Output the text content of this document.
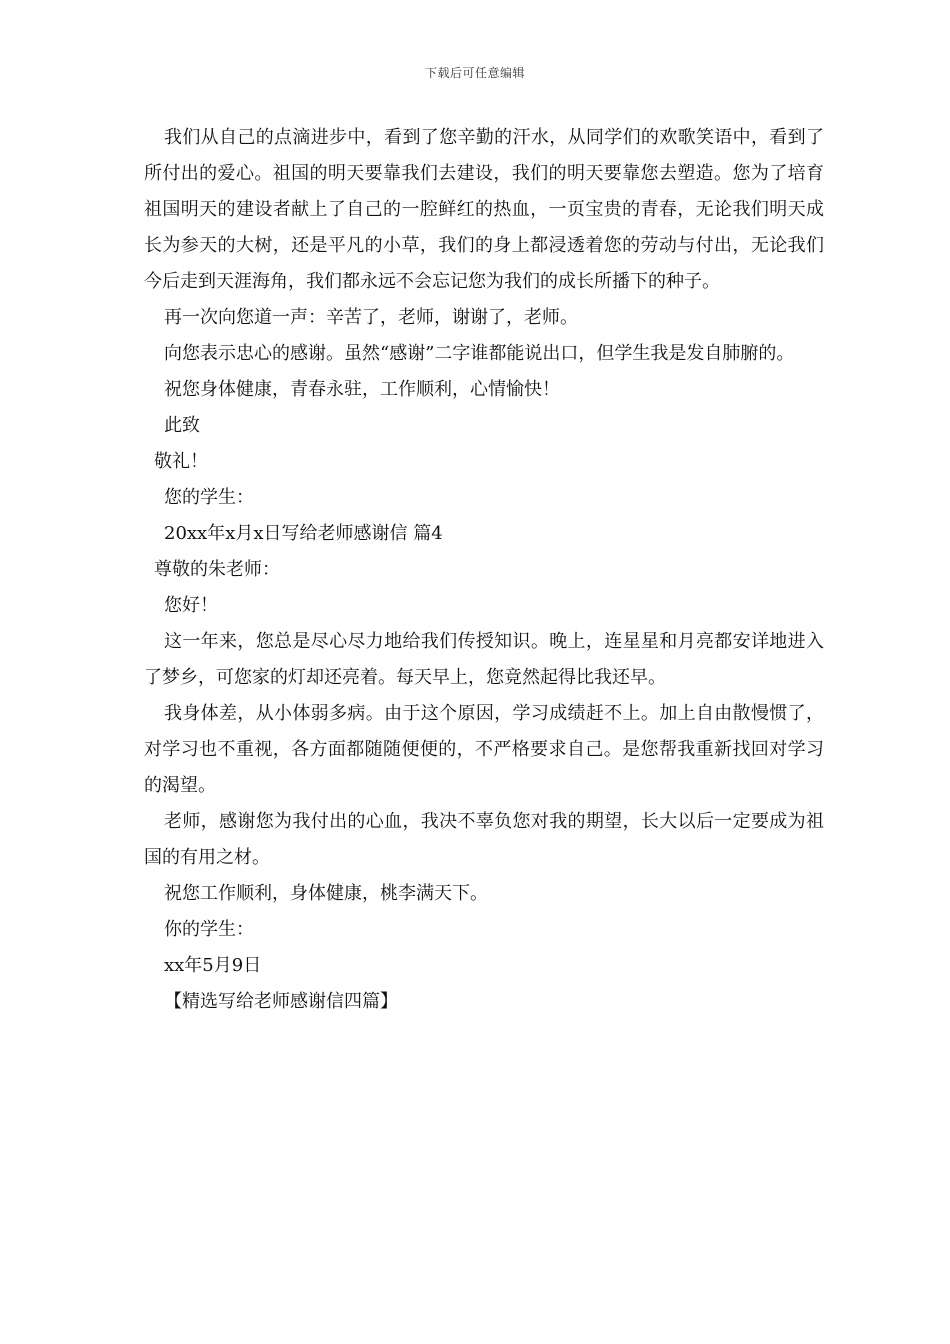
下载后可任意编辑

我们从自己的点滴进步中，看到了您辛勤的汗水，从同学们的欢歌笑语中，看到了所付出的爱心。祖国的明天要靠我们去建设，我们的明天要靠您去塑造。您为了培育祖国明天的建设者献上了自己的一腔鲜红的热血，一页宝贵的青春，无论我们明天成长为参天的大树，还是平凡的小草，我们的身上都浸透着您的劳动与付出，无论我们今后走到天涯海角，我们都永远不会忘记您为我们的成长所播下的种子。

再一次向您道一声：辛苦了，老师，谢谢了，老师。

向您表示忠心的感谢。虽然“感谢”二字谁都能说出口，但学生我是发自肺腑的。

祝您身体健康，青春永驻，工作顺利，心情愉快！

此致

敬礼！

您的学生：

20xx年x月x日写给老师感谢信 篇4

尊敬的朱老师：

您好！

这一年来，您总是尽心尽力地给我们传授知识。晚上，连星星和月亮都安详地进入了梦乡，可您家的灯却还亮着。每天早上，您竟然起得比我还早。

我身体差，从小体弱多病。由于这个原因，学习成绩赶不上。加上自由散慢惯了，对学习也不重视，各方面都随随便便的，不严格要求自己。是您帮我重新找回对学习的渴望。

老师，感谢您为我付出的心血，我决不辜负您对我的期望，长大以后一定要成为祖国的有用之材。

祝您工作顺利，身体健康，桃李满天下。

你的学生：

xx年5月9日

【精选写给老师感谢信四篇】
